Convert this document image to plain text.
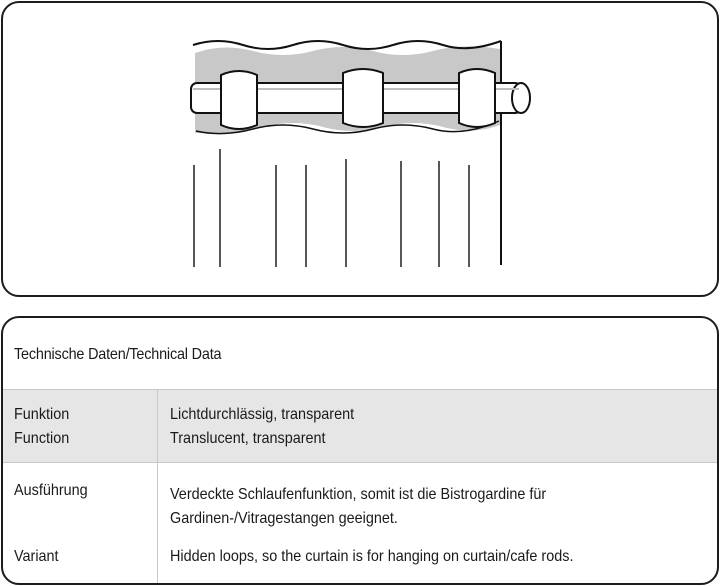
Technische Daten/Technical Data
Funktion
Function
Lichtdurchlässig, transparent
Translucent, transparent
Ausführung
Variant
Verdeckte Schlaufenfunktion, somit ist die Bistrogardine für
Gardinen-/Vitragestangen geeignet.
Hidden loops, so the curtain is for hanging on curtain/cafe rods.
